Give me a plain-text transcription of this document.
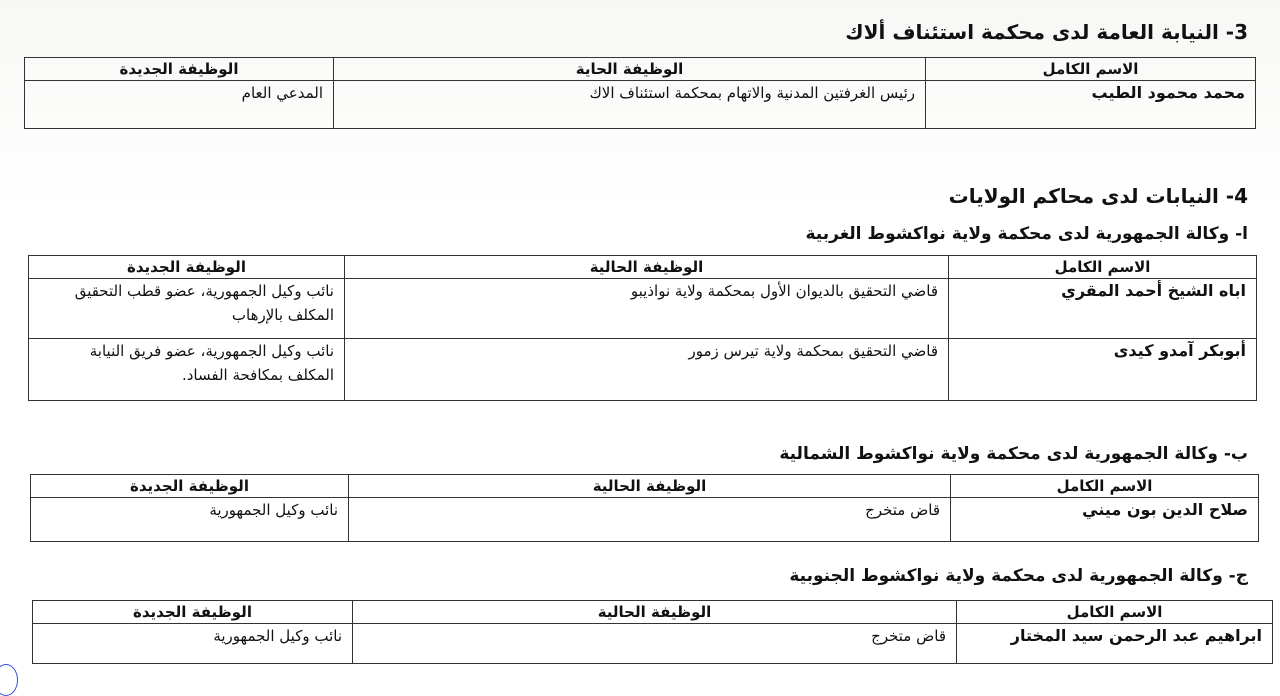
3- النيابة العامة لدى محكمة استئناف ألاك
الاسم الكامل	الوظيفة الحاية	الوظيفة الجديدة
محمد محمود الطيب	رئيس الغرفتين المدنية والاتهام بمحكمة استئناف الاك	المدعي العام
4- النيابات لدى محاكم الولايات
ا- وكالة الجمهورية لدى محكمة ولاية نواكشوط الغربية
الاسم الكامل	الوظيفة الحالية	الوظيفة الجديدة
اباه الشيخ أحمد المقري	قاضي التحقيق بالديوان الأول بمحكمة ولاية نواذيبو	نائب وكيل الجمهورية، عضو قطب التحقيق المكلف بالإرهاب
أبوبكر آمدو كيدى	قاضي التحقيق بمحكمة ولاية تيرس زمور	نائب وكيل الجمهورية، عضو فريق النيابة المكلف بمكافحة الفساد.
ب- وكالة الجمهورية لدى محكمة ولاية نواكشوط الشمالية
الاسم الكامل	الوظيفة الحالية	الوظيفة الجديدة
صلاح الدين بون ميني	قاض متخرج	نائب وكيل الجمهورية
ج- وكالة الجمهورية لدى محكمة ولاية نواكشوط الجنوبية
الاسم الكامل	الوظيفة الحالية	الوظيفة الجديدة
ابراهيم عبد الرحمن سيد المختار	قاض متخرج	نائب وكيل الجمهورية
